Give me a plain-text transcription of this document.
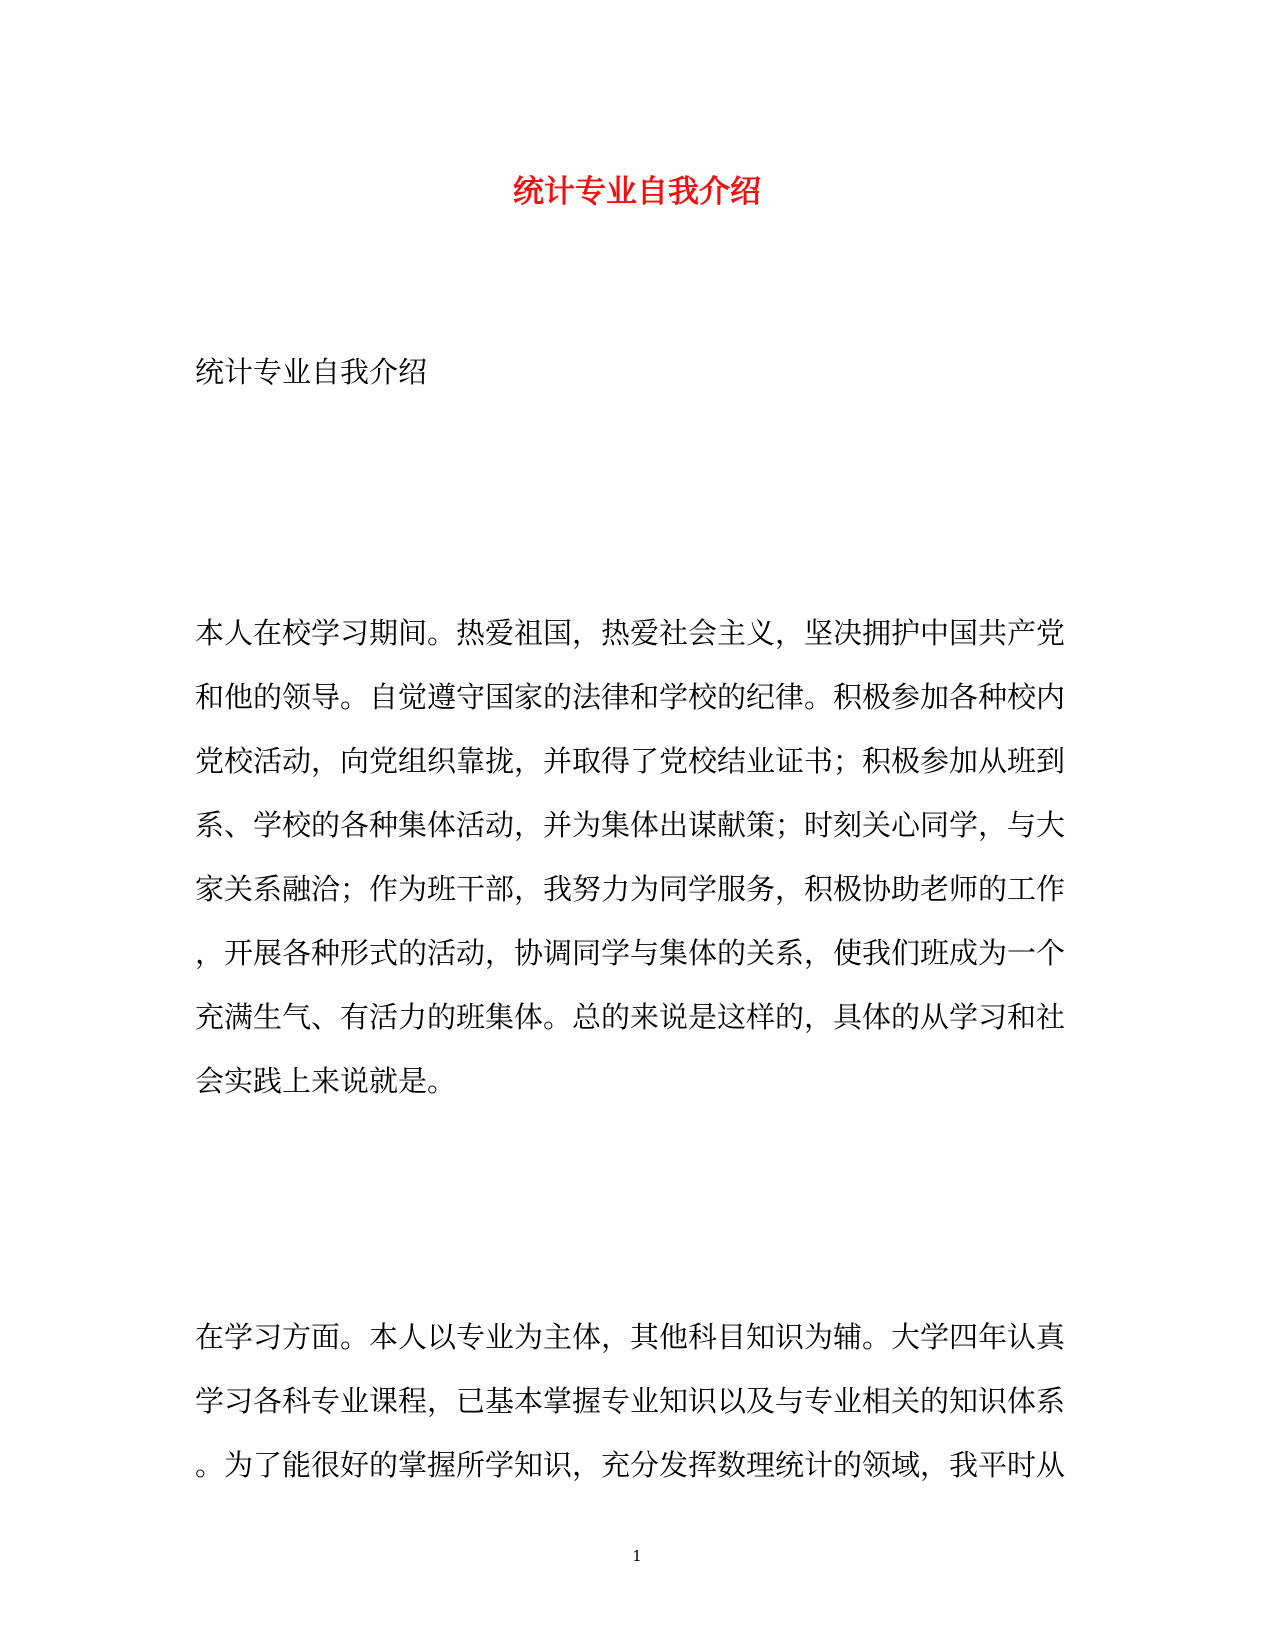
统计专业自我介绍
统计专业自我介绍
本人在校学习期间。热爱祖国，热爱社会主义，坚决拥护中国共产党
和他的领导。自觉遵守国家的法律和学校的纪律。积极参加各种校内
党校活动，向党组织靠拢，并取得了党校结业证书；积极参加从班到
系、学校的各种集体活动，并为集体出谋献策；时刻关心同学，与大
家关系融洽；作为班干部，我努力为同学服务，积极协助老师的工作
，开展各种形式的活动，协调同学与集体的关系，使我们班成为一个
充满生气、有活力的班集体。总的来说是这样的，具体的从学习和社
会实践上来说就是。
在学习方面。本人以专业为主体，其他科目知识为辅。大学四年认真
学习各科专业课程，已基本掌握专业知识以及与专业相关的知识体系
。为了能很好的掌握所学知识，充分发挥数理统计的领域，我平时从
1
